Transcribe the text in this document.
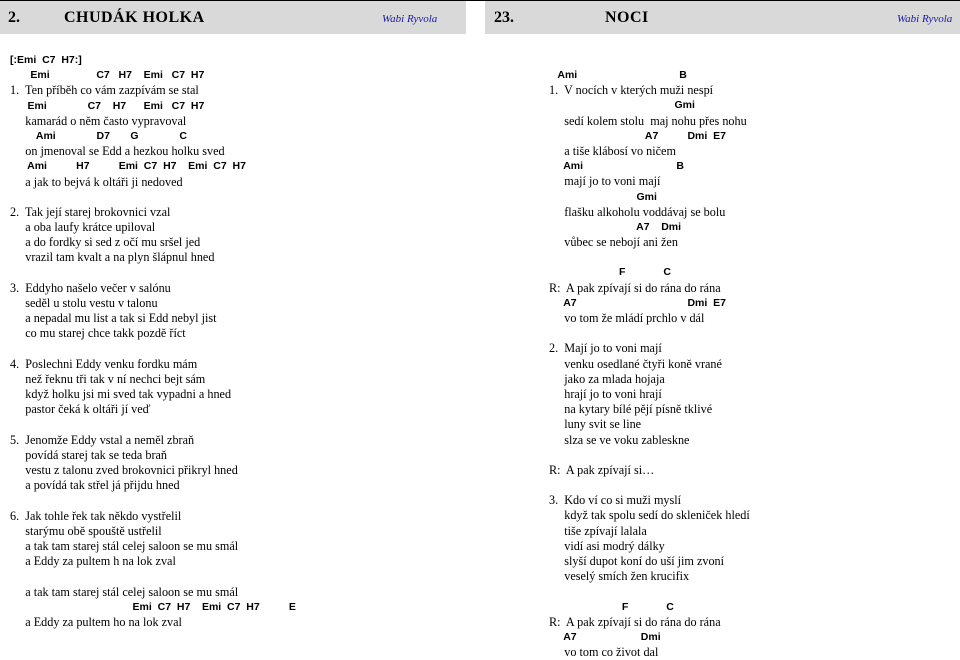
2.	CHUDÁK HOLKA	Wabi Ryvola	23.	NOCI	Wabi Ryvola
[:Emi  C7  H7:]
Emi                C7   H7    Emi   C7  H7
1.  Ten příběh co vám zazpívám se stal
Emi              C7    H7      Emi   C7  H7
kamarád o něm často vypravoval
Ami              D7       G              C
on jmenoval se Edd a hezkou holku sved
Ami          H7          Emi  C7  H7    Emi  C7  H7
a jak to bejvá k oltáři ji nedoved
2.  Tak její starej brokovnici vzal
a oba laufy krátce upiloval
a do fordky si sed z očí mu sršel jed
vrazil tam kvalt a na plyn šlápnul hned
3.  Eddyho našelo večer v salónu
seděl u stolu vestu v talonu
a nepadal mu list a tak si Edd nebyl jist
co mu starej chce takk pozdě říct
4.  Poslechni Eddy venku fordku mám
než řeknu tři tak v ní nechci bejt sám
když holku jsi mi sved tak vypadni a hned
pastor čeká k oltáři jí veď
5.  Jenomže Eddy vstal a neměl zbraň
povídá starej tak se teda braň
vestu z talonu zved brokovnici přikryl hned
a povídá tak střel já přijdu hned
6.  Jak tohle řek tak někdo vystřelil
starýmu obě spouště ustřelil
a tak tam starej stál celej saloon se mu smál
a Eddy za pultem h na lok zval
a tak tam starej stál celej saloon se mu smál
Emi  C7  H7    Emi  C7  H7          E
a Eddy za pultem ho na lok zval
Ami                                   B
1.  V nocích v kterých muži nespí
Gmi
sedí kolem stolu  maj nohu přes nohu
A7          Dmi  E7
a tiše klábosí vo ničem
Ami                                B
mají jo to voni mají
Gmi
flašku alkoholu voddávaj se bolu
A7    Dmi
vůbec se nebojí ani žen
F             C
R:  A pak zpívají si do rána do rána
A7                                      Dmi  E7
vo tom že mládí prchlo v dál
2.  Mají jo to voni mají
venku osedlané čtyři koně vrané
jako za mlada hojaja
hrají jo to voni hrají
na kytary bílé pějí písně tklivé
luny svit se line
slza se ve voku zableskne
R:  A pak zpívají si…
3.  Kdo ví co si muži myslí
když tak spolu sedí do skleniček hledí
tiše zpívají lalala
vidí asi modrý dálky
slyší dupot koní do uší jim zvoní
veselý smích žen krucifix
F             C
R:  A pak zpívají si do rána do rána
A7                      Dmi
vo tom co život dal
